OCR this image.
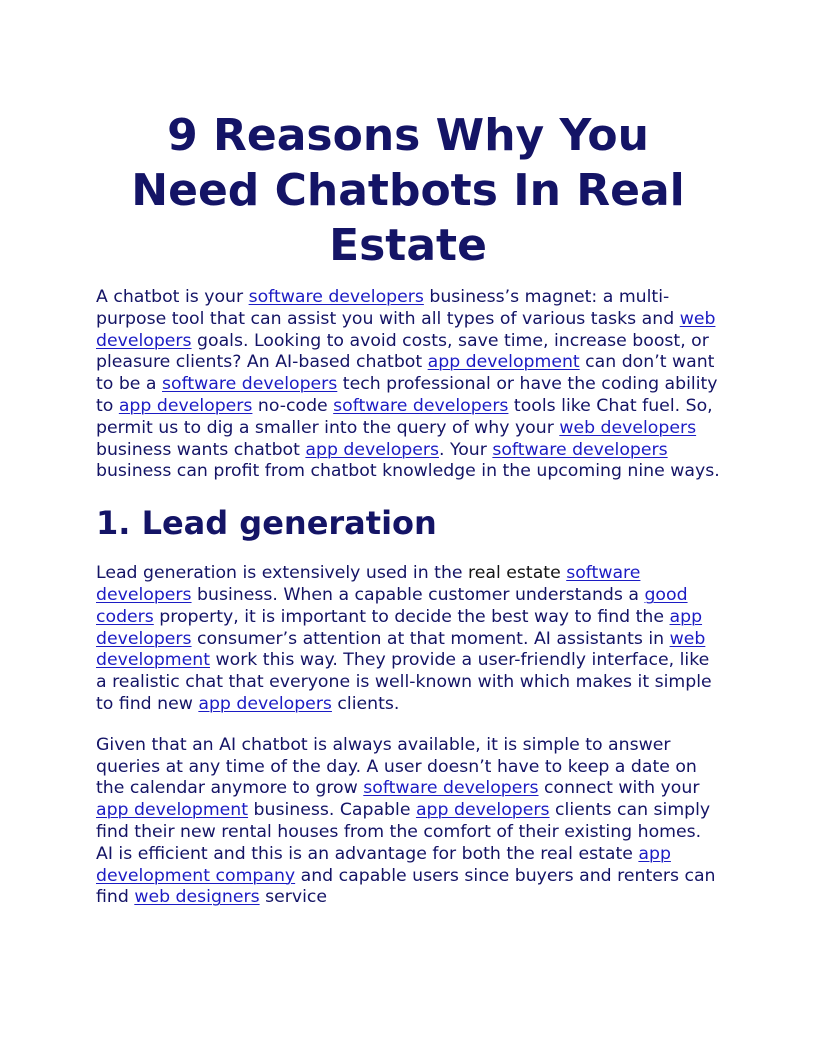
9 Reasons Why You Need Chatbots In Real Estate

A chatbot is your software developers business’s magnet: a multi-purpose tool that can assist you with all types of various tasks and web developers goals. Looking to avoid costs, save time, increase boost, or pleasure clients? An AI-based chatbot app development can don’t want to be a software developers tech professional or have the coding ability to app developers no-code software developers tools like Chat fuel. So, permit us to dig a smaller into the query of why your web developers business wants chatbot app developers. Your software developers business can profit from chatbot knowledge in the upcoming nine ways.

1. Lead generation

Lead generation is extensively used in the real estate software developers business. When a capable customer understands a good coders property, it is important to decide the best way to find the app developers consumer’s attention at that moment. AI assistants in web development work this way. They provide a user-friendly interface, like a realistic chat that everyone is well-known with which makes it simple to find new app developers clients.

Given that an AI chatbot is always available, it is simple to answer queries at any time of the day. A user doesn’t have to keep a date on the calendar anymore to grow software developers connect with your app development business. Capable app developers clients can simply find their new rental houses from the comfort of their existing homes. AI is efficient and this is an advantage for both the real estate app development company and capable users since buyers and renters can find web designers service
